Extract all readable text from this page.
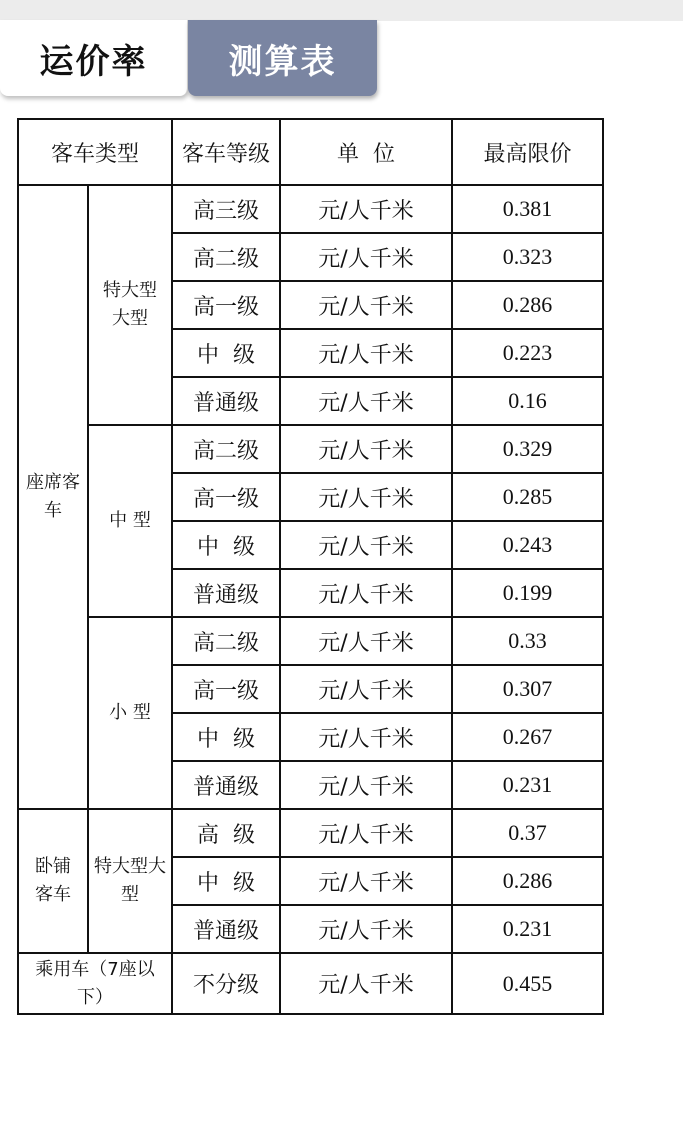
运价率 测算表
客车类型		客车等级	单  位	最高限价
座席客车	特大型大型	高三级	元/人千米	0.381
		高二级	元/人千米	0.323
		高一级	元/人千米	0.286
		中  级	元/人千米	0.223
		普通级	元/人千米	0.16
	中 型	高二级	元/人千米	0.329
		高一级	元/人千米	0.285
		中  级	元/人千米	0.243
		普通级	元/人千米	0.199
	小 型	高二级	元/人千米	0.33
		高一级	元/人千米	0.307
		中  级	元/人千米	0.267
		普通级	元/人千米	0.231
卧铺客车	特大型大型	高  级	元/人千米	0.37
		中  级	元/人千米	0.286
		普通级	元/人千米	0.231
乘用车（7座以下）		不分级	元/人千米	0.455
